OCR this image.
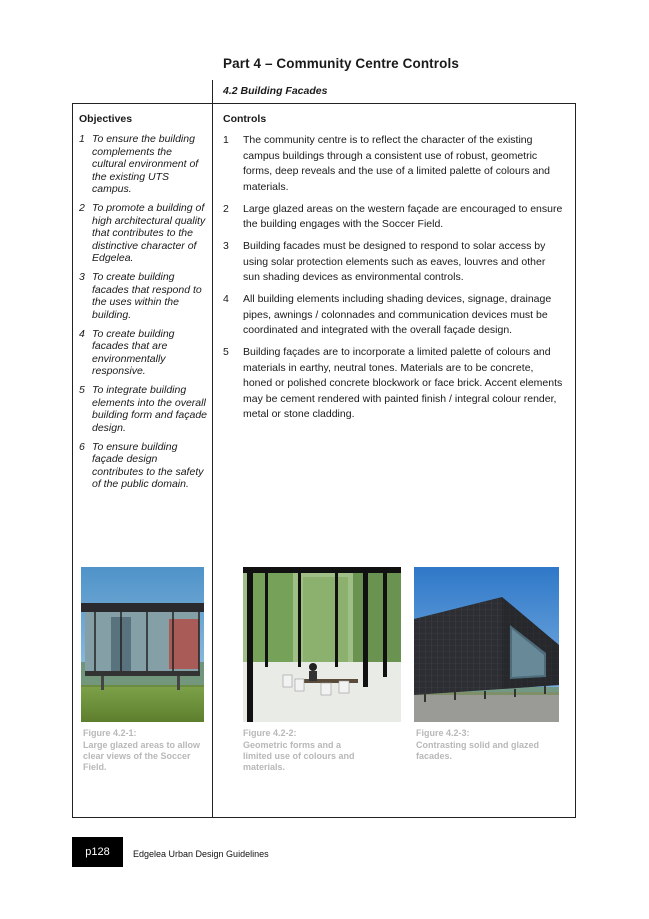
Part 4 – Community Centre Controls
4.2 Building Facades
Objectives
1 To ensure the building complements the cultural environment of the existing UTS campus.
2 To promote a building of high architectural quality that contributes to the distinctive character of Edgelea.
3 To create building facades that respond to the uses within the building.
4 To create building facades that are environmentally responsive.
5 To integrate building elements into the overall building form and façade design.
6 To ensure building façade design contributes to the safety of the public domain.
Controls
1	The community centre is to reflect the character of the existing campus buildings through a consistent use of robust, geometric forms, deep reveals and the use of a limited palette of colours and materials.
2	Large glazed areas on the western façade are encouraged to ensure the building engages with the Soccer Field.
3	Building facades must be designed to respond to solar access by using solar protection elements such as eaves, louvres and other sun shading devices as environmental controls.
4	All building elements including shading devices, signage, drainage pipes, awnings / colonnades and communication devices must be coordinated and integrated with the overall façade design.
5	Building façades are to incorporate a limited palette of colours and materials in earthy, neutral tones. Materials are to be concrete, honed or polished concrete blockwork or face brick. Accent elements may be cement rendered with painted finish / integral colour render, metal or stone cladding.
Figure 4.2-1:
Large glazed areas to allow clear views of the Soccer Field.
Figure 4.2-2:
Geometric forms and a limited use of colours and materials.
Figure 4.2-3:
Contrasting solid and glazed facades.
p128	Edgelea Urban Design Guidelines
